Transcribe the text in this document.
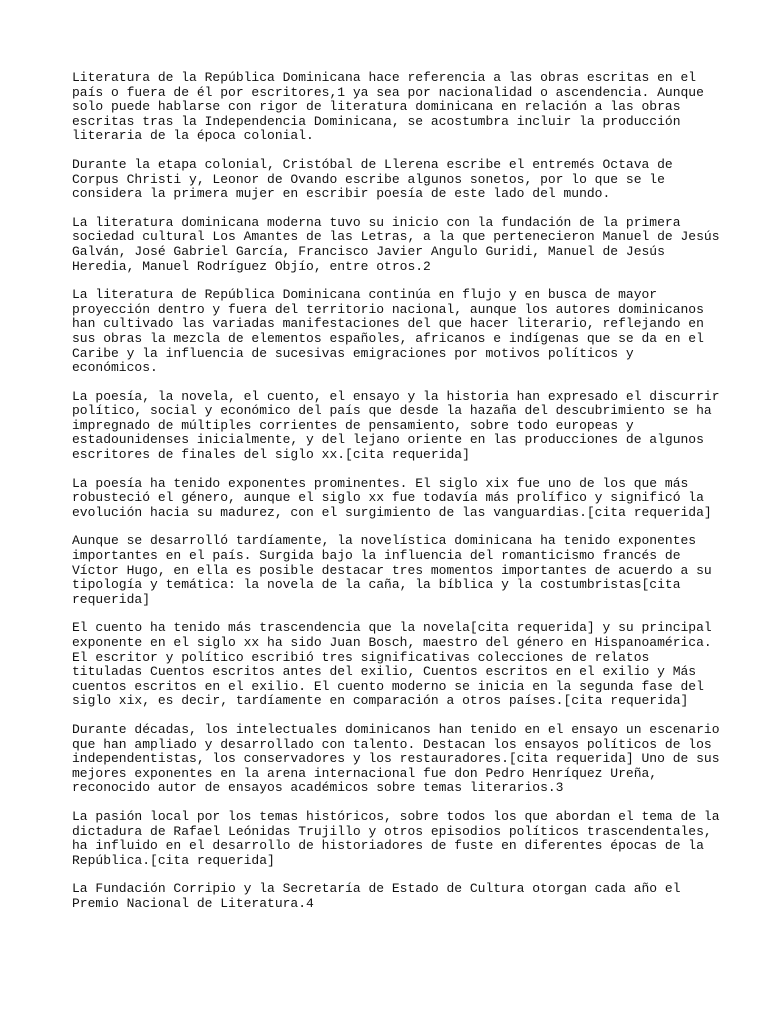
Literatura de la República Dominicana hace referencia a las obras escritas en el
país o fuera de él por escritores,1 ya sea por nacionalidad o ascendencia. Aunque
solo puede hablarse con rigor de literatura dominicana en relación a las obras
escritas tras la Independencia Dominicana, se acostumbra incluir la producción
literaria de la época colonial.

Durante la etapa colonial, Cristóbal de Llerena escribe el entremés Octava de
Corpus Christi y, Leonor de Ovando escribe algunos sonetos, por lo que se le
considera la primera mujer en escribir poesía de este lado del mundo.

La literatura dominicana moderna tuvo su inicio con la fundación de la primera
sociedad cultural Los Amantes de las Letras, a la que pertenecieron Manuel de Jesús
Galván, José Gabriel García, Francisco Javier Angulo Guridi, Manuel de Jesús
Heredia, Manuel Rodríguez Objío, entre otros.2

La literatura de República Dominicana continúa en flujo y en busca de mayor
proyección dentro y fuera del territorio nacional, aunque los autores dominicanos
han cultivado las variadas manifestaciones del que hacer literario, reflejando en
sus obras la mezcla de elementos españoles, africanos e indígenas que se da en el
Caribe y la influencia de sucesivas emigraciones por motivos políticos y
económicos.

La poesía, la novela, el cuento, el ensayo y la historia han expresado el discurrir
político, social y económico del país que desde la hazaña del descubrimiento se ha
impregnado de múltiples corrientes de pensamiento, sobre todo europeas y
estadounidenses inicialmente, y del lejano oriente en las producciones de algunos
escritores de finales del siglo xx.[cita requerida]

La poesía ha tenido exponentes prominentes. El siglo xix fue uno de los que más
robusteció el género, aunque el siglo xx fue todavía más prolífico y significó la
evolución hacia su madurez, con el surgimiento de las vanguardias.[cita requerida]

Aunque se desarrolló tardíamente, la novelística dominicana ha tenido exponentes
importantes en el país. Surgida bajo la influencia del romanticismo francés de
Víctor Hugo, en ella es posible destacar tres momentos importantes de acuerdo a su
tipología y temática: la novela de la caña, la bíblica y la costumbristas[cita
requerida]

El cuento ha tenido más trascendencia que la novela[cita requerida] y su principal
exponente en el siglo xx ha sido Juan Bosch, maestro del género en Hispanoamérica.
El escritor y político escribió tres significativas colecciones de relatos
tituladas Cuentos escritos antes del exilio, Cuentos escritos en el exilio y Más
cuentos escritos en el exilio. El cuento moderno se inicia en la segunda fase del
siglo xix, es decir, tardíamente en comparación a otros países.[cita requerida]

Durante décadas, los intelectuales dominicanos han tenido en el ensayo un escenario
que han ampliado y desarrollado con talento. Destacan los ensayos políticos de los
independentistas, los conservadores y los restauradores.[cita requerida] Uno de sus
mejores exponentes en la arena internacional fue don Pedro Henríquez Ureña,
reconocido autor de ensayos académicos sobre temas literarios.3

La pasión local por los temas históricos, sobre todos los que abordan el tema de la
dictadura de Rafael Leónidas Trujillo y otros episodios políticos trascendentales,
ha influido en el desarrollo de historiadores de fuste en diferentes épocas de la
República.[cita requerida]

La Fundación Corripio y la Secretaría de Estado de Cultura otorgan cada año el
Premio Nacional de Literatura.4
